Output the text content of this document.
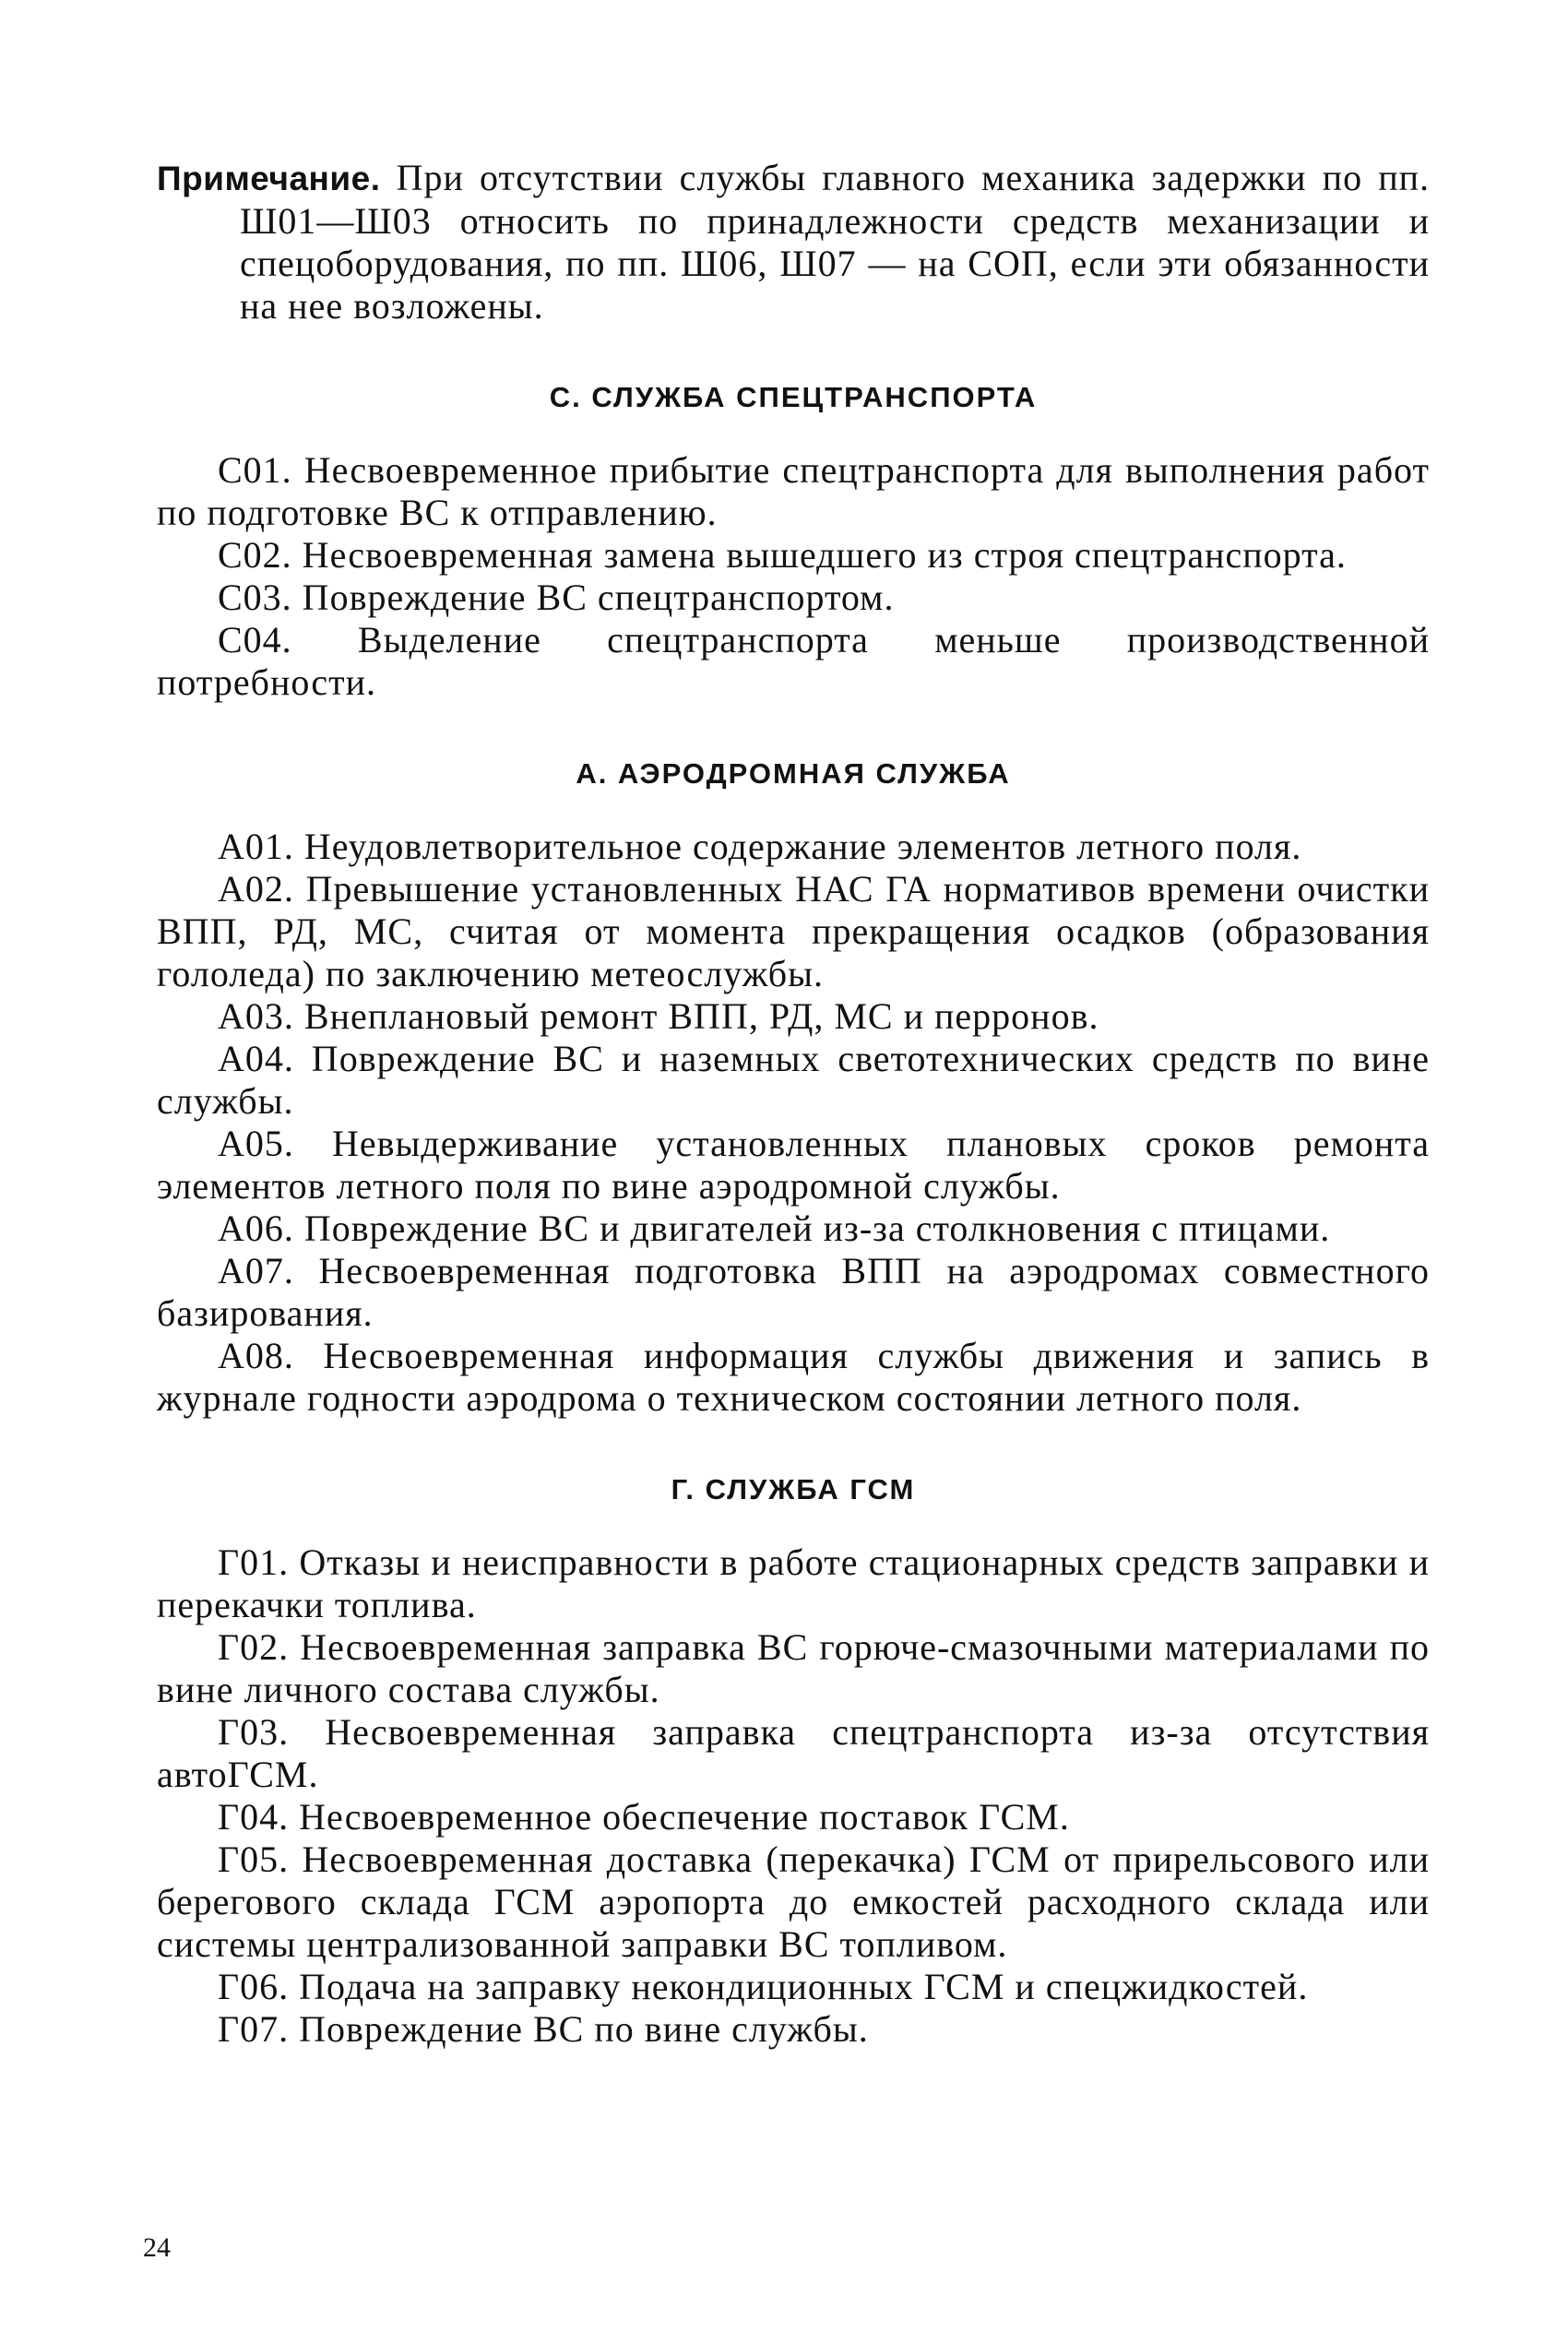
Примечание. При отсутствии службы главного механика задержки по пп. Ш01—Ш03 относить по принадлежности средств механизации и спецоборудования, по пп. Ш06, Ш07 — на СОП, если эти обязанности на нее возложены.

С. СЛУЖБА СПЕЦТРАНСПОРТА

С01. Несвоевременное прибытие спецтранспорта для выполнения работ по подготовке ВС к отправлению.

С02. Несвоевременная замена вышедшего из строя спецтранспорта.

С03. Повреждение ВС спецтранспортом.

С04. Выделение спецтранспорта меньше производственной потребности.

А. АЭРОДРОМНАЯ СЛУЖБА

А01. Неудовлетворительное содержание элементов летного поля.

А02. Превышение установленных НАС ГА нормативов времени очистки ВПП, РД, МС, считая от момента прекращения осадков (образования гололеда) по заключению метеослужбы.

А03. Внеплановый ремонт ВПП, РД, МС и перронов.

А04. Повреждение ВС и наземных светотехнических средств по вине службы.

А05. Невыдерживание установленных плановых сроков ремонта элементов летного поля по вине аэродромной службы.

А06. Повреждение ВС и двигателей из-за столкновения с птицами.

А07. Несвоевременная подготовка ВПП на аэродромах совместного базирования.

А08. Несвоевременная информация службы движения и запись в журнале годности аэродрома о техническом состоянии летного поля.

Г. СЛУЖБА ГСМ

Г01. Отказы и неисправности в работе стационарных средств заправки и перекачки топлива.

Г02. Несвоевременная заправка ВС горюче-смазочными материалами по вине личного состава службы.

Г03. Несвоевременная заправка спецтранспорта из-за отсутствия автоГСМ.

Г04. Несвоевременное обеспечение поставок ГСМ.

Г05. Несвоевременная доставка (перекачка) ГСМ от прирельсового или берегового склада ГСМ аэропорта до емкостей расходного склада или системы централизованной заправки ВС топливом.

Г06. Подача на заправку некондиционных ГСМ и спецжидкостей.

Г07. Повреждение ВС по вине службы.

24
